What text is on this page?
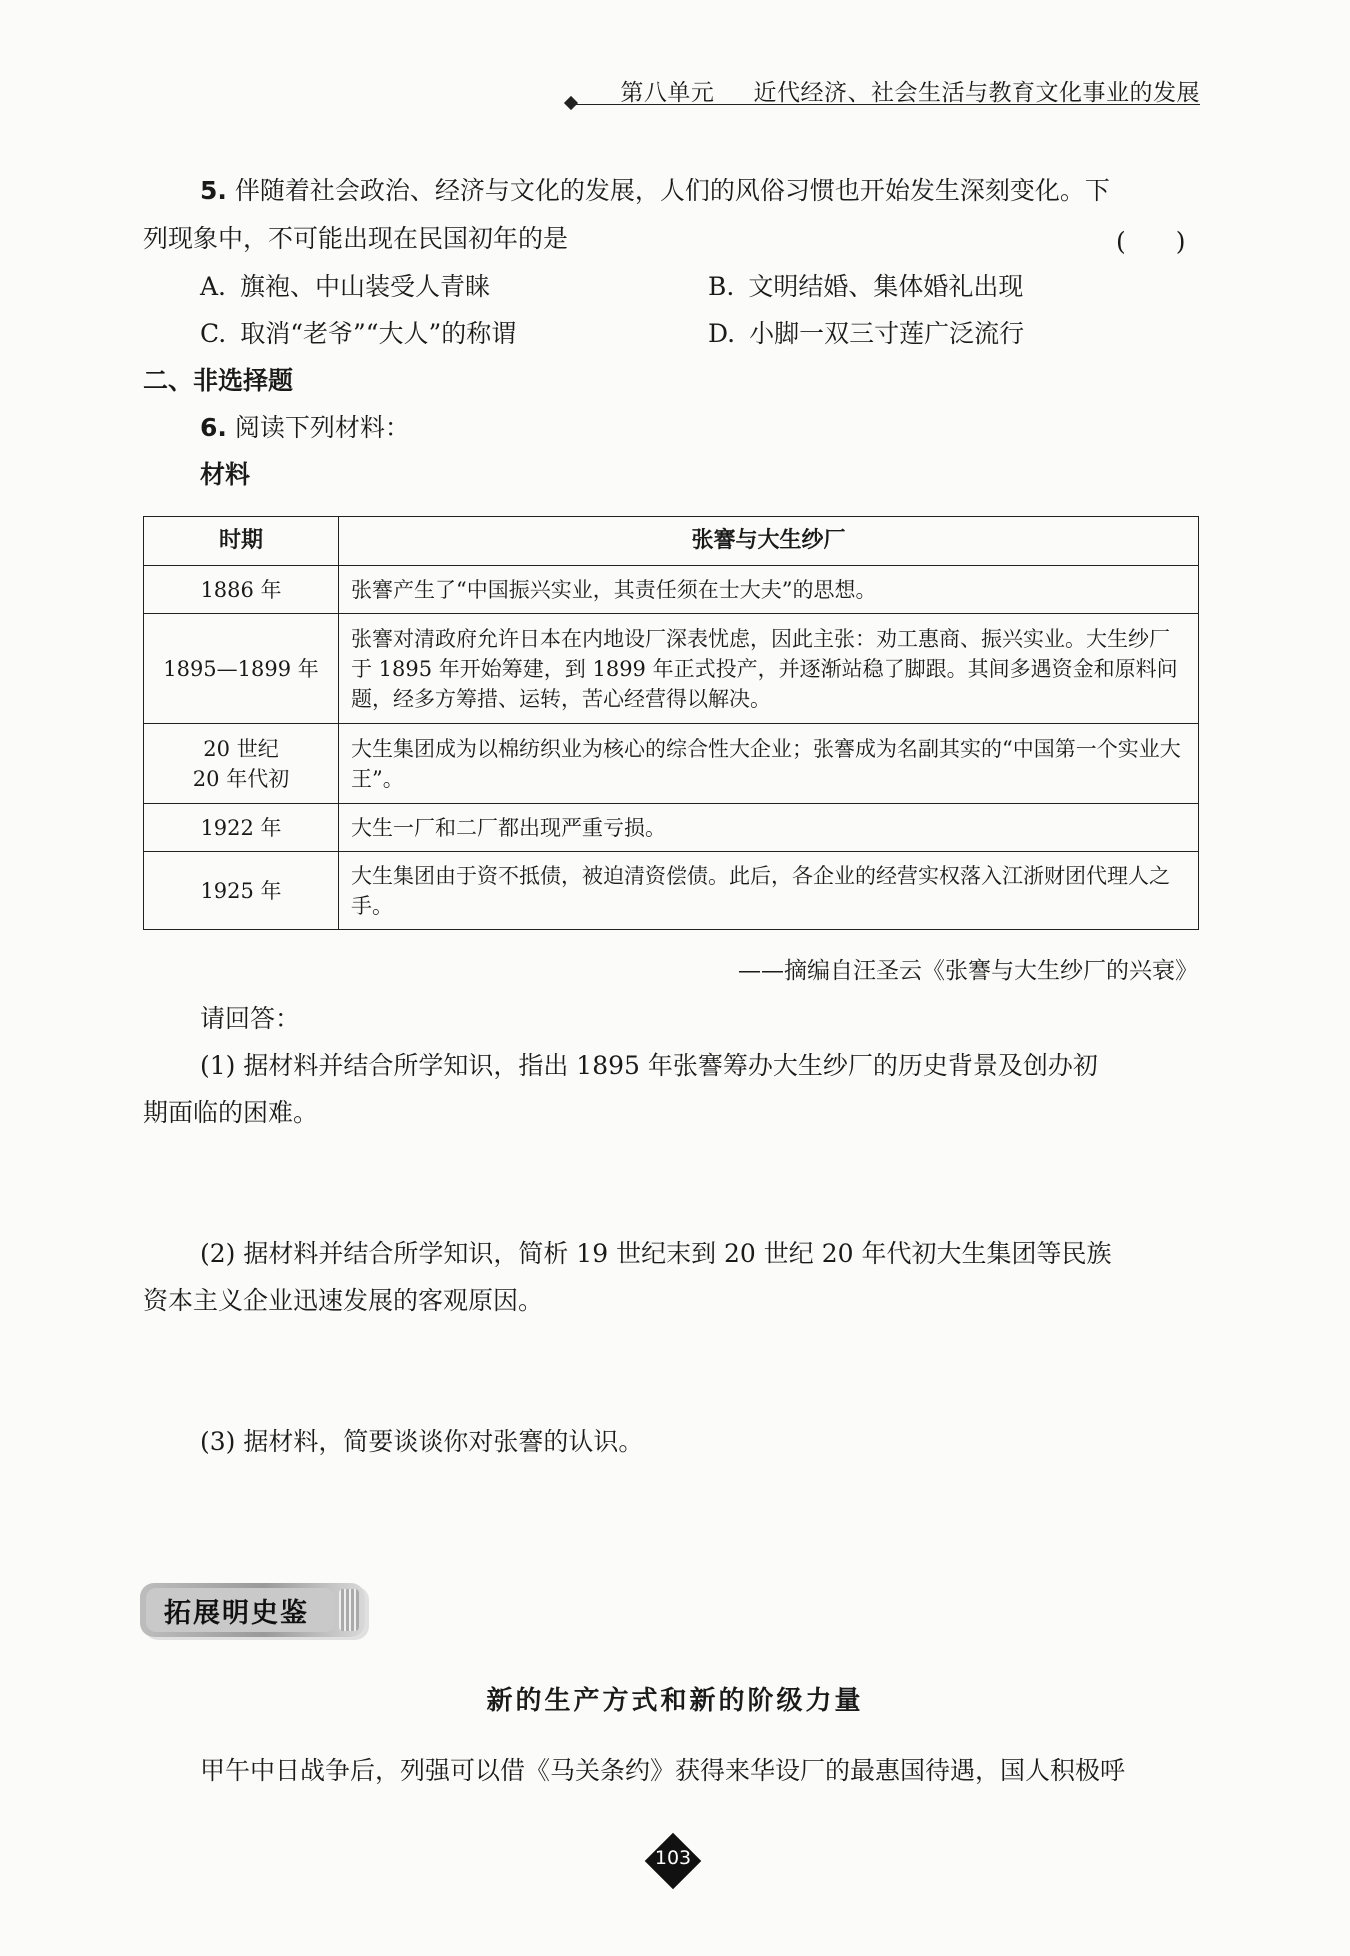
第八单元 　 近代经济、社会生活与教育文化事业的发展
5. 伴随着社会政治、经济与文化的发展，人们的风俗习惯也开始发生深刻变化。下
列现象中，不可能出现在民国初年的是	(　　)
A. 旗袍、中山装受人青睐	B. 文明结婚、集体婚礼出现
C. 取消“老爷”“大人”的称谓	D. 小脚一双三寸莲广泛流行
二、非选择题
6. 阅读下列材料：
材料
时期	张謇与大生纱厂
1886 年	张謇产生了“中国振兴实业，其责任须在士大夫”的思想。
1895—1899 年	张謇对清政府允许日本在内地设厂深表忧虑，因此主张：劝工惠商、振兴实业。大生纱厂于 1895 年开始筹建，到 1899 年正式投产，并逐渐站稳了脚跟。其间多遇资金和原料问题，经多方筹措、运转，苦心经营得以解决。
20 世纪
20 年代初	大生集团成为以棉纺织业为核心的综合性大企业；张謇成为名副其实的“中国第一个实业大王”。
1922 年	大生一厂和二厂都出现严重亏损。
1925 年	大生集团由于资不抵债，被迫清资偿债。此后，各企业的经营实权落入江浙财团代理人之手。
——摘编自汪圣云《张謇与大生纱厂的兴衰》
请回答：
(1) 据材料并结合所学知识，指出 1895 年张謇筹办大生纱厂的历史背景及创办初
期面临的困难。
(2) 据材料并结合所学知识，简析 19 世纪末到 20 世纪 20 年代初大生集团等民族
资本主义企业迅速发展的客观原因。
(3) 据材料，简要谈谈你对张謇的认识。
拓展明史鉴
新的生产方式和新的阶级力量
甲午中日战争后，列强可以借《马关条约》获得来华设厂的最惠国待遇，国人积极呼
103
